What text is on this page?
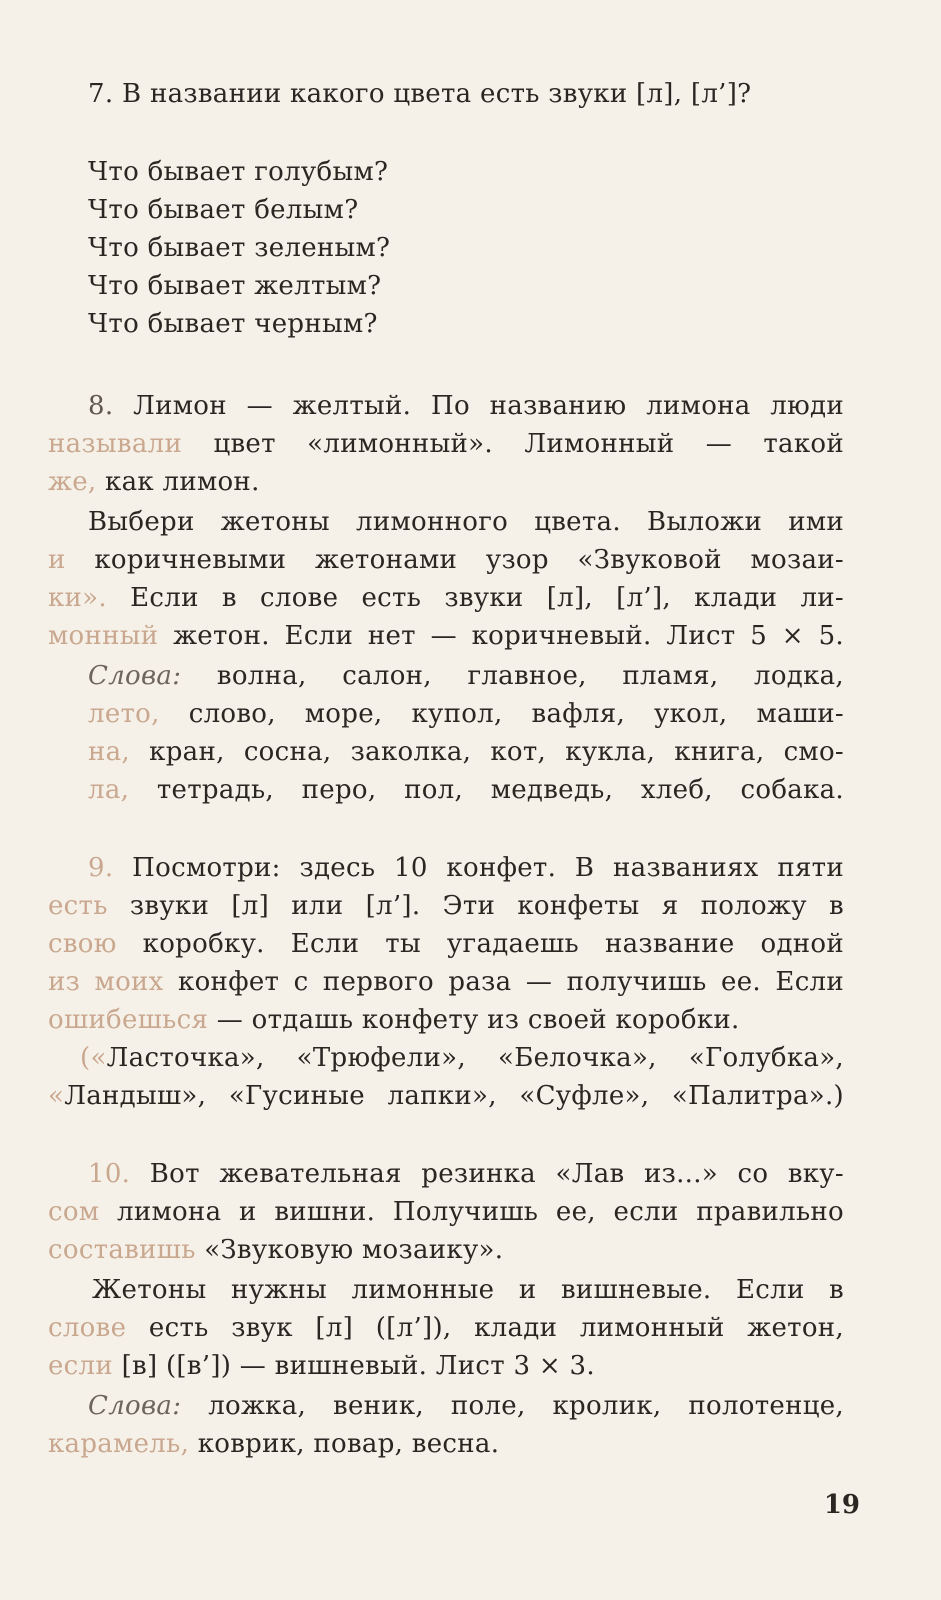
7. В названии какого цвета есть звуки [л], [л’]?
Что бывает голубым?
Что бывает белым?
Что бывает зеленым?
Что бывает желтым?
Что бывает черным?
8. Лимон — желтый. По названию лимона люди
называли цвет «лимонный». Лимонный — такой
же, как лимон.
Выбери жетоны лимонного цвета. Выложи ими
и коричневыми жетонами узор «Звуковой мозаи-
ки». Если в слове есть звуки [л], [л’], клади ли-
монный жетон. Если нет — коричневый. Лист 5 × 5.
Слова: волна, салон, главное, пламя, лодка,
лето, слово, море, купол, вафля, укол, маши-
на, кран, сосна, заколка, кот, кукла, книга, смо-
ла, тетрадь, перо, пол, медведь, хлеб, собака.
9. Посмотри: здесь 10 конфет. В названиях пяти
есть звуки [л] или [л’]. Эти конфеты я положу в
свою коробку. Если ты угадаешь название одной
из моих конфет с первого раза — получишь ее. Если
ошибешься — отдашь конфету из своей коробки.
(«Ласточка», «Трюфели», «Белочка», «Голубка»,
«Ландыш», «Гусиные лапки», «Суфле», «Палитра».)
10. Вот жевательная резинка «Лав из...» со вку-
сом лимона и вишни. Получишь ее, если правильно
составишь «Звуковую мозаику».
Жетоны нужны лимонные и вишневые. Если в
слове есть звук [л] ([л’]), клади лимонный жетон,
если [в] ([в’]) — вишневый. Лист 3 × 3.
Слова: ложка, веник, поле, кролик, полотенце,
карамель, коврик, повар, весна.
19
